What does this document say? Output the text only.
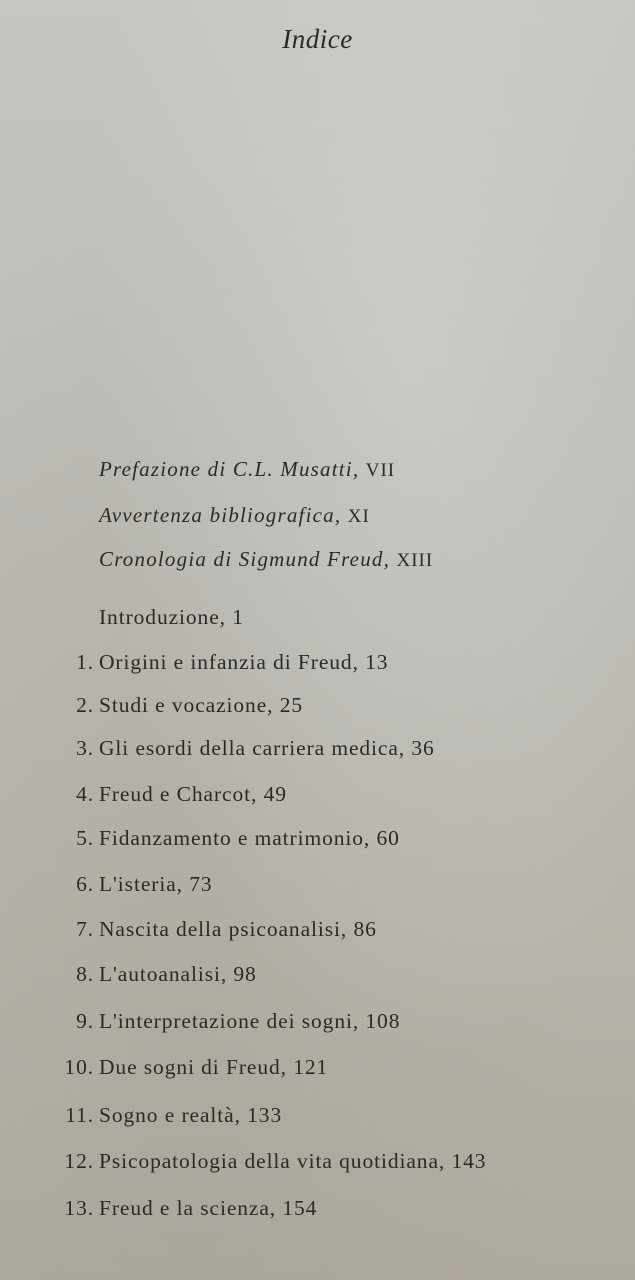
Indice
Prefazione di C.L. Musatti, VII
Avvertenza bibliografica, XI
Cronologia di Sigmund Freud, XIII
Introduzione, 1
1. Origini e infanzia di Freud, 13
2. Studi e vocazione, 25
3. Gli esordi della carriera medica, 36
4. Freud e Charcot, 49
5. Fidanzamento e matrimonio, 60
6. L'isteria, 73
7. Nascita della psicoanalisi, 86
8. L'autoanalisi, 98
9. L'interpretazione dei sogni, 108
10. Due sogni di Freud, 121
11. Sogno e realtà, 133
12. Psicopatologia della vita quotidiana, 143
13. Freud e la scienza, 154
